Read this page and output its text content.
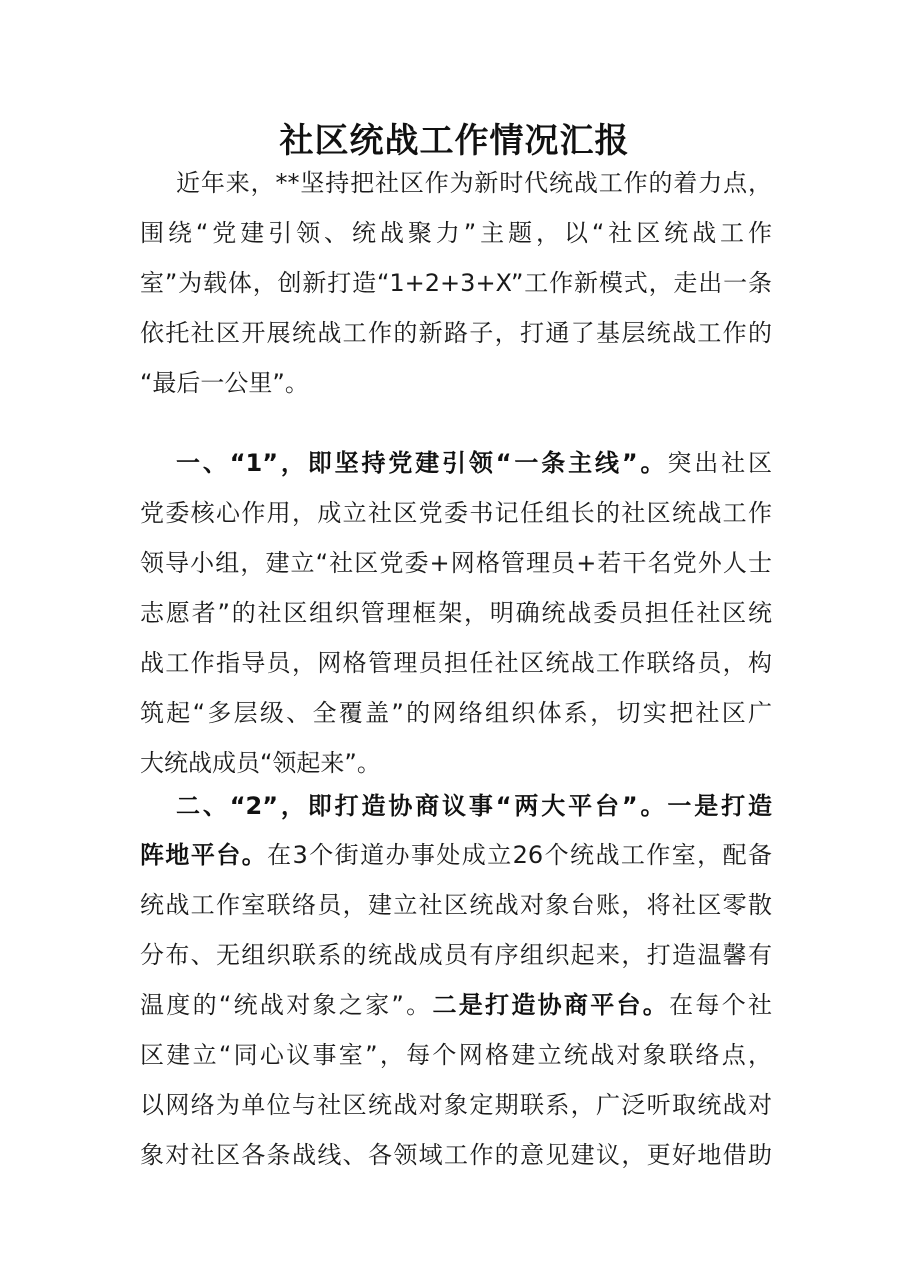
社区统战工作情况汇报
近年来，**坚持把社区作为新时代统战工作的着力点，
围绕“党建引领、统战聚力”主题，以“社区统战工作
室”为载体，创新打造“1+2+3+X”工作新模式，走出一条
依托社区开展统战工作的新路子，打通了基层统战工作的
“最后一公里”。
一、“1”，即坚持党建引领“一条主线”。突出社区
党委核心作用，成立社区党委书记任组长的社区统战工作
领导小组，建立“社区党委+网格管理员+若干名党外人士
志愿者”的社区组织管理框架，明确统战委员担任社区统
战工作指导员，网格管理员担任社区统战工作联络员，构
筑起“多层级、全覆盖”的网络组织体系，切实把社区广
大统战成员“领起来”。
二、“2”，即打造协商议事“两大平台”。一是打造
阵地平台。在3个街道办事处成立26个统战工作室，配备
统战工作室联络员，建立社区统战对象台账，将社区零散
分布、无组织联系的统战成员有序组织起来，打造温馨有
温度的“统战对象之家”。二是打造协商平台。在每个社
区建立“同心议事室”，每个网格建立统战对象联络点，
以网络为单位与社区统战对象定期联系，广泛听取统战对
象对社区各条战线、各领域工作的意见建议，更好地借助
